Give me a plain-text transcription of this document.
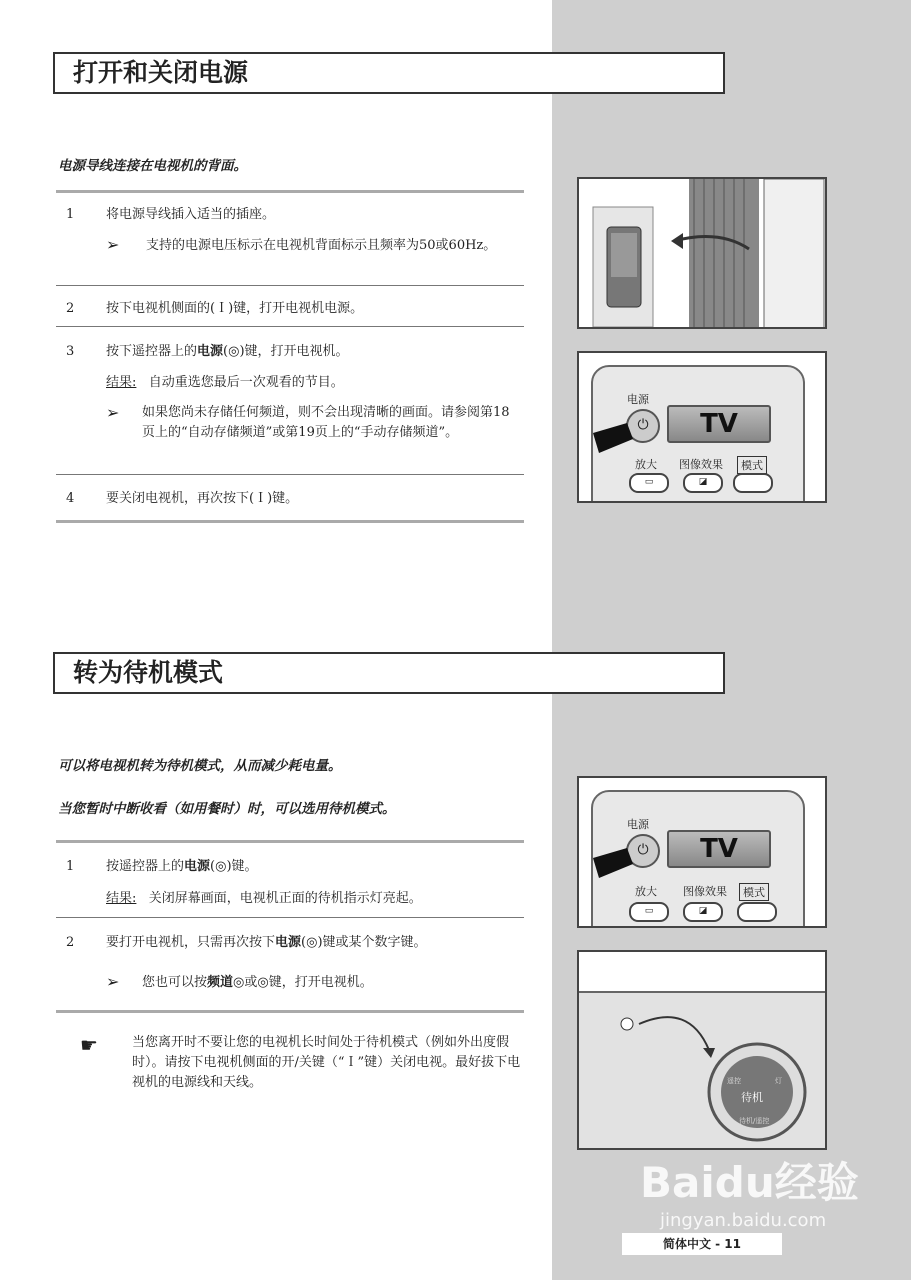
打开和关闭电源
电源导线连接在电视机的背面。
1 将电源导线插入适当的插座。
➢ 支持的电源电压标示在电视机背面标示且频率为50或60Hz。
2 按下电视机侧面的(Ｉ)键，打开电视机电源。
3 按下遥控器上的电源(◎)键，打开电视机。
结果: 自动重选您最后一次观看的节目。
➢ 如果您尚未存储任何频道，则不会出现清晰的画面。请参阅第18页上的“自动存储频道”或第19页上的“手动存储频道”。
4 要关闭电视机，再次按下(Ｉ)键。
电源
⏻	TV
放大 图像效果	模式
▭	◪
转为待机模式
可以将电视机转为待机模式，从而减少耗电量。
当您暂时中断收看（如用餐时）时，可以选用待机模式。
1 按遥控器上的电源(◎)键。
结果: 关闭屏幕画面，电视机正面的待机指示灯亮起。
2 要打开电视机，只需再次按下电源(◎)键或某个数字键。
➢ 您也可以按频道◎或◎键，打开电视机。
☛	当您离开时不要让您的电视机长时间处于待机模式（例如外出度假时）。请按下电视机侧面的开/关键（“Ｉ”键）关闭电视。最好拔下电视机的电源线和天线。
电源
⏻	TV
放大 图像效果	模式
▭	◪
待机
遥控	灯
待机/遥控
Baidu经验
jingyan.baidu.com
简体中文 - 11
